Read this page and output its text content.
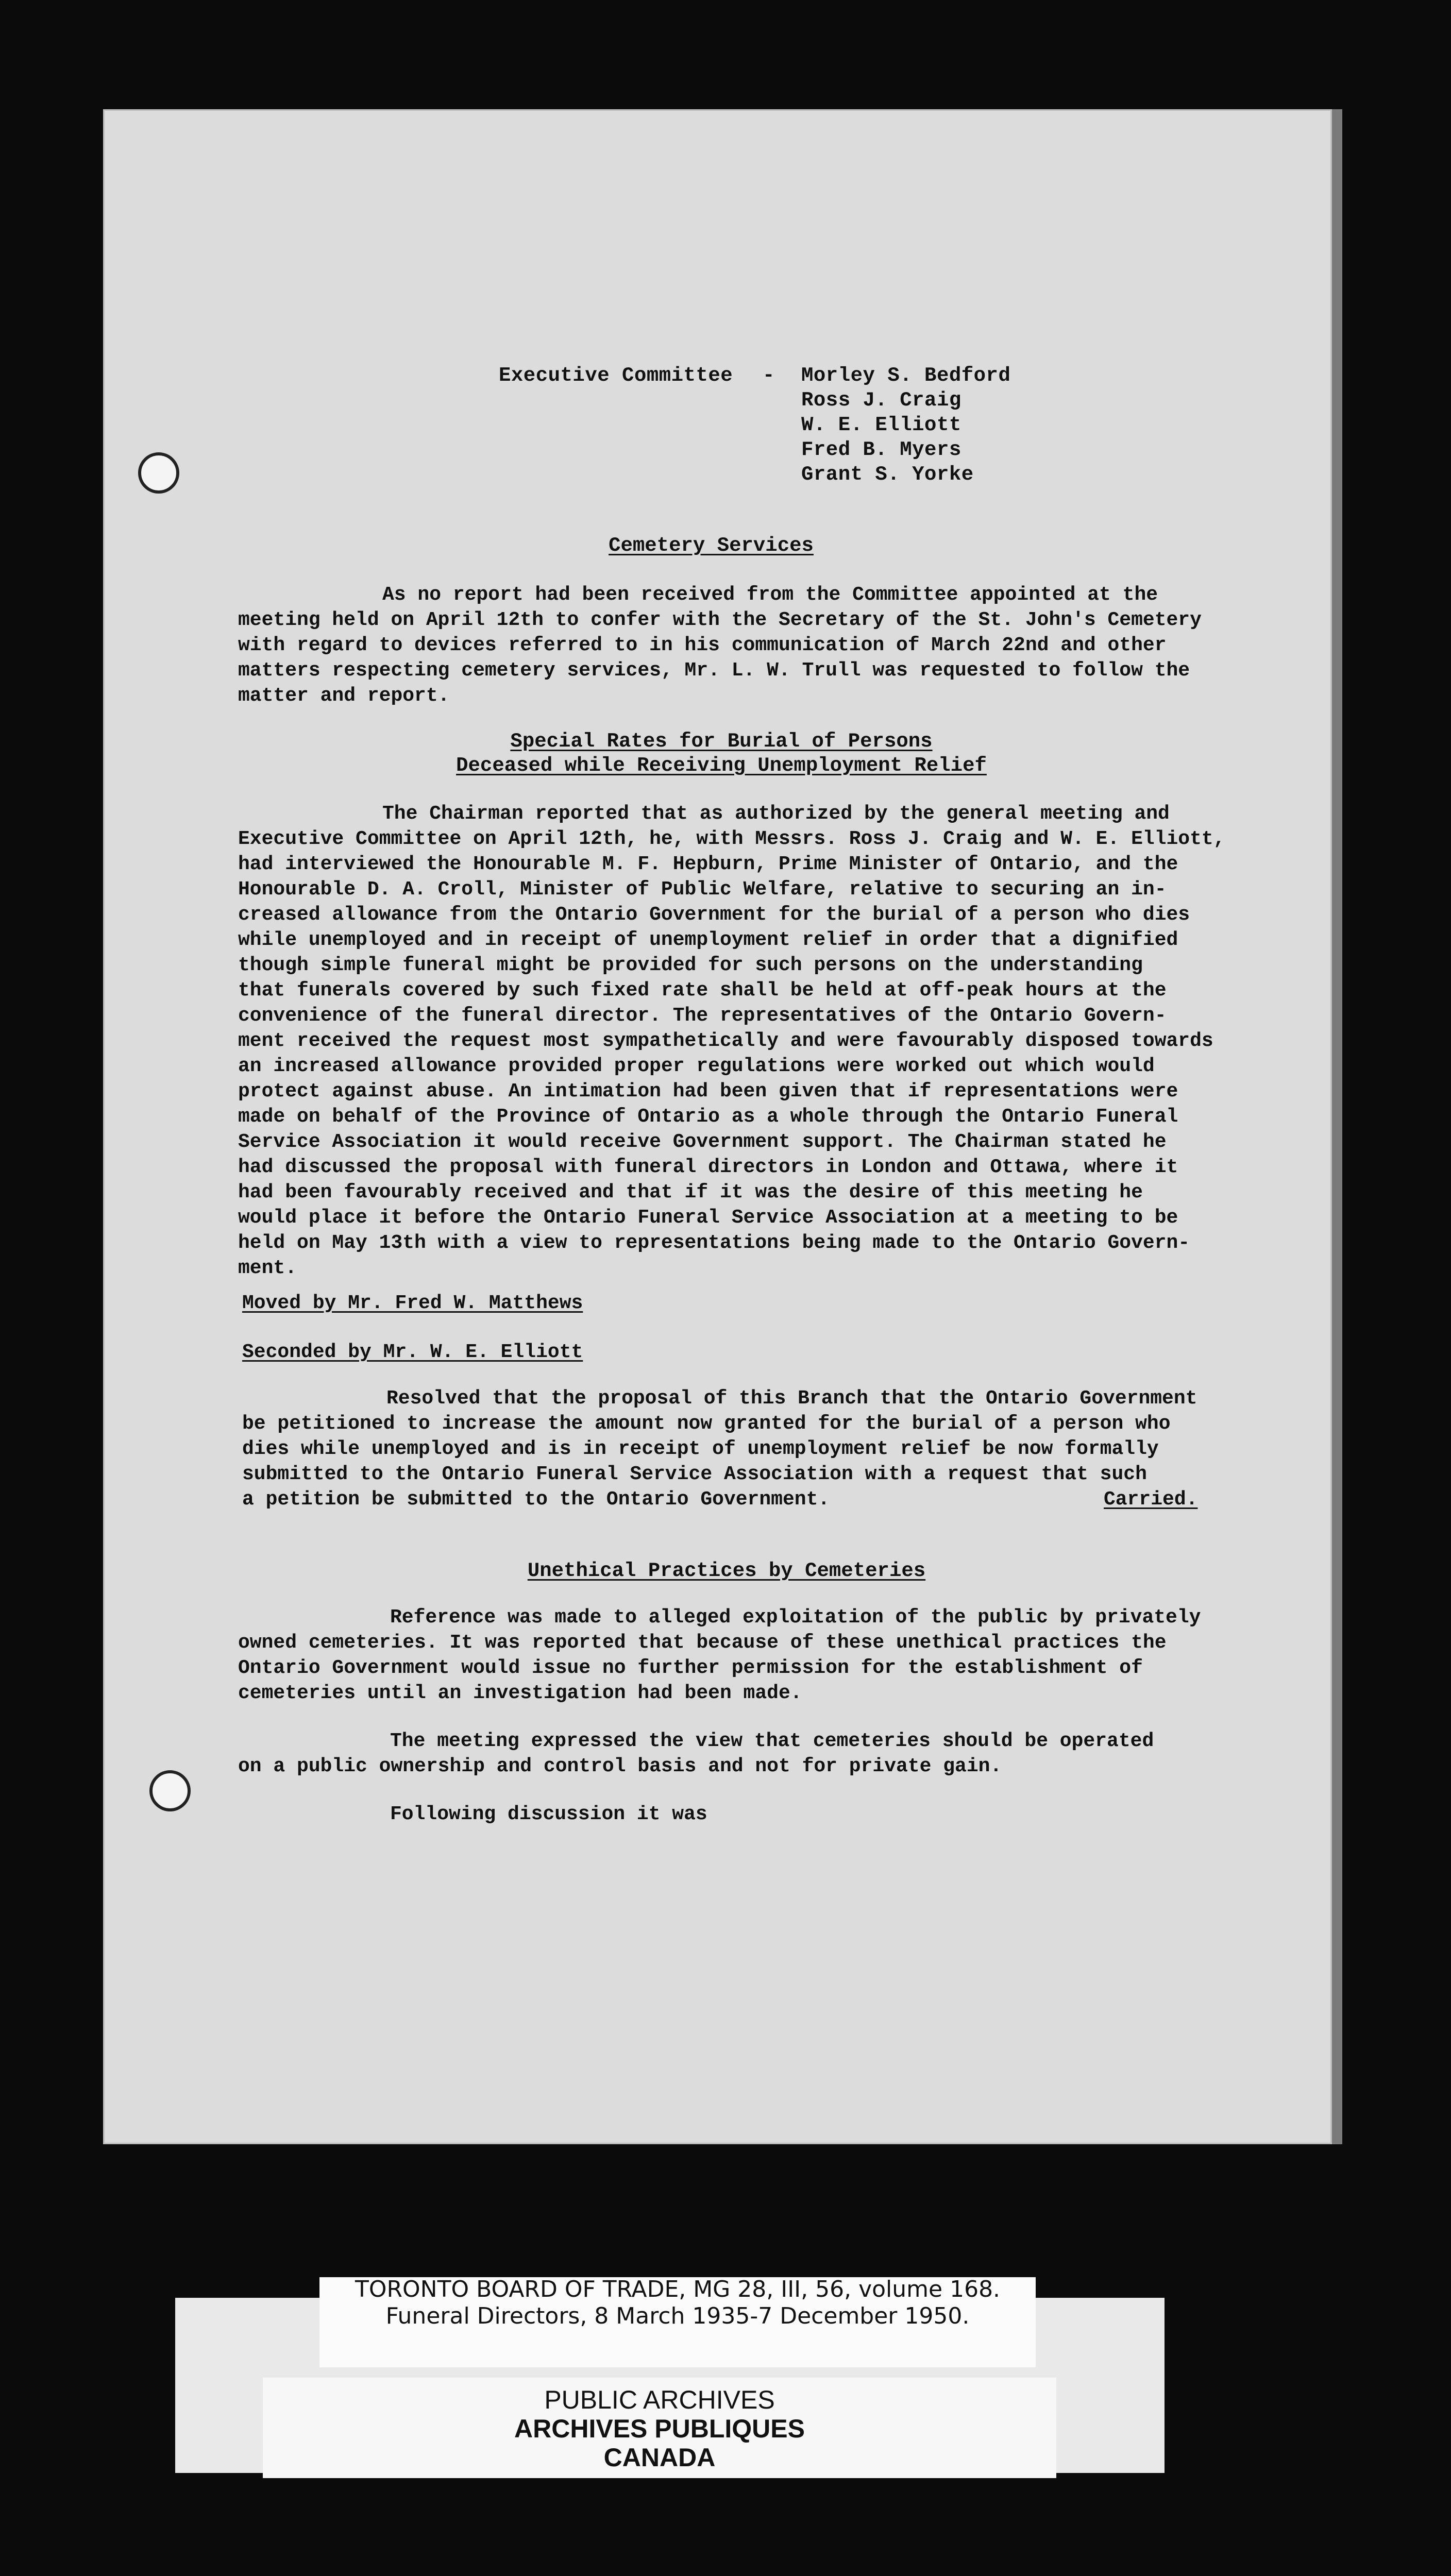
Executive Committee - Morley S. Bedford
Ross J. Craig
W. E. Elliott
Fred B. Myers
Grant S. Yorke
Cemetery Services
As no report had been received from the Committee appointed at the
meeting held on April 12th to confer with the Secretary of the St. John's Cemetery
with regard to devices referred to in his communication of March 22nd and other
matters respecting cemetery services, Mr. L. W. Trull was requested to follow the
matter and report.
Special Rates for Burial of Persons
Deceased while Receiving Unemployment Relief
The Chairman reported that as authorized by the general meeting and
Executive Committee on April 12th, he, with Messrs. Ross J. Craig and W. E. Elliott,
had interviewed the Honourable M. F. Hepburn, Prime Minister of Ontario, and the
Honourable D. A. Croll, Minister of Public Welfare, relative to securing an in-
creased allowance from the Ontario Government for the burial of a person who dies
while unemployed and in receipt of unemployment relief in order that a dignified
though simple funeral might be provided for such persons on the understanding
that funerals covered by such fixed rate shall be held at off-peak hours at the
convenience of the funeral director. The representatives of the Ontario Govern-
ment received the request most sympathetically and were favourably disposed towards
an increased allowance provided proper regulations were worked out which would
protect against abuse. An intimation had been given that if representations were
made on behalf of the Province of Ontario as a whole through the Ontario Funeral
Service Association it would receive Government support. The Chairman stated he
had discussed the proposal with funeral directors in London and Ottawa, where it
had been favourably received and that if it was the desire of this meeting he
would place it before the Ontario Funeral Service Association at a meeting to be
held on May 13th with a view to representations being made to the Ontario Govern-
ment.
Moved by Mr. Fred W. Matthews
Seconded by Mr. W. E. Elliott
Resolved that the proposal of this Branch that the Ontario Government
be petitioned to increase the amount now granted for the burial of a person who
dies while unemployed and is in receipt of unemployment relief be now formally
submitted to the Ontario Funeral Service Association with a request that such
a petition be submitted to the Ontario Government.	Carried.
Unethical Practices by Cemeteries
Reference was made to alleged exploitation of the public by privately
owned cemeteries. It was reported that because of these unethical practices the
Ontario Government would issue no further permission for the establishment of
cemeteries until an investigation had been made.
The meeting expressed the view that cemeteries should be operated
on a public ownership and control basis and not for private gain.
Following discussion it was
TORONTO BOARD OF TRADE, MG 28, III, 56, volume 168.
Funeral Directors, 8 March 1935-7 December 1950.
PUBLIC ARCHIVES
ARCHIVES PUBLIQUES
CANADA
